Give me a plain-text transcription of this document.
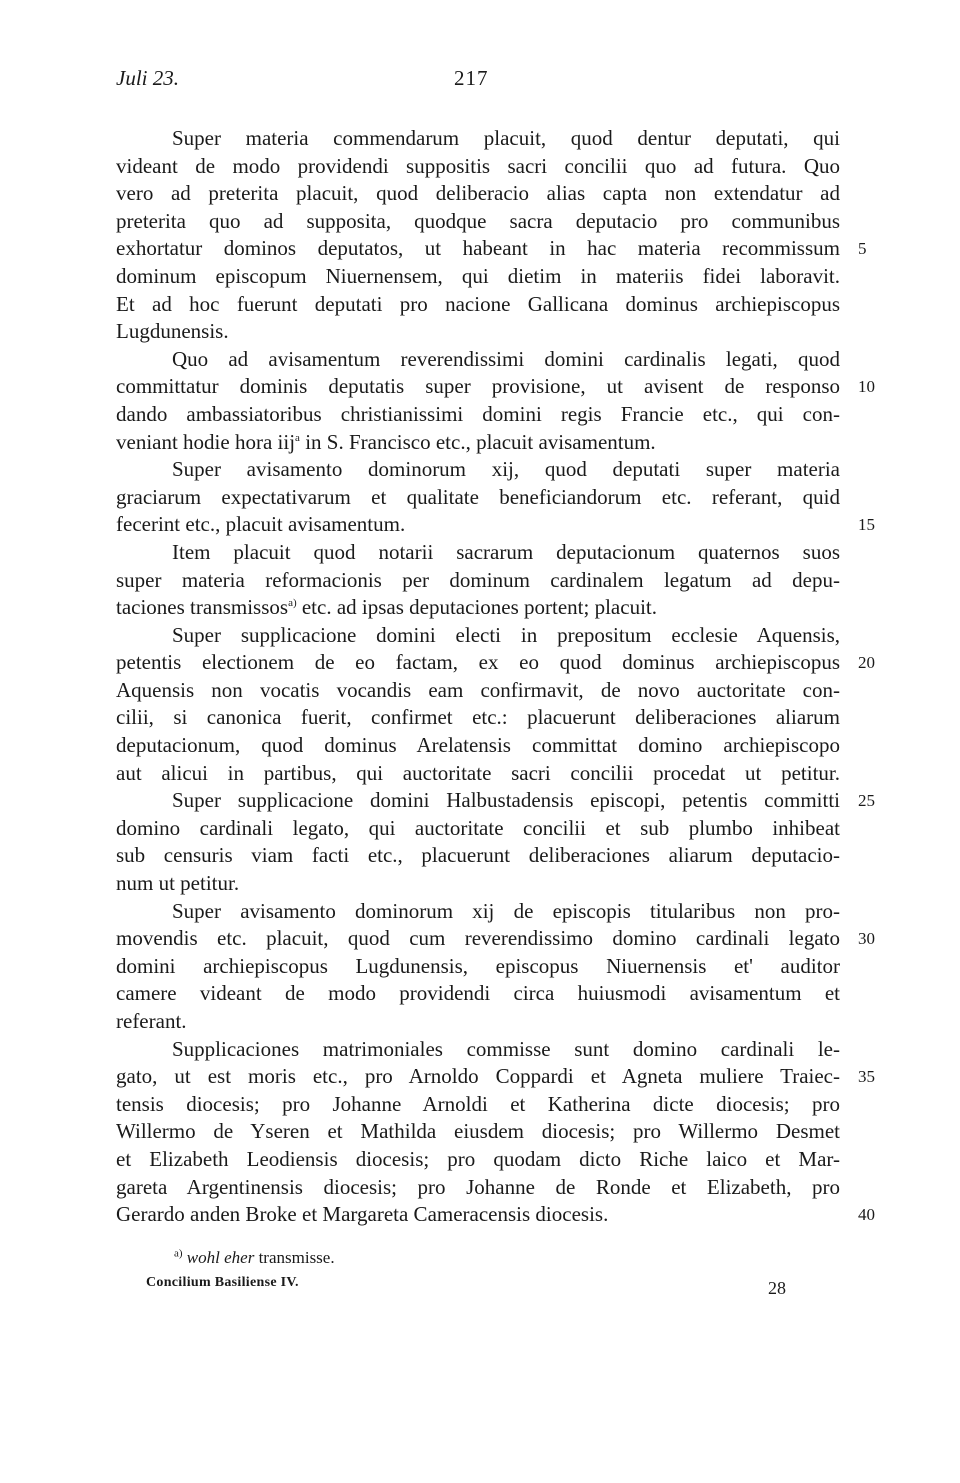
Juli 23.	217
Super materia commendarum placuit, quod dentur deputati, qui
videant de modo providendi suppositis sacri concilii quo ad futura. Quo
vero ad preterita placuit, quod deliberacio alias capta non extendatur ad
preterita quo ad supposita, quodque sacra deputacio pro communibus
exhortatur dominos deputatos, ut habeant in hac materia recommissum 5
dominum episcopum Niuernensem, qui dietim in materiis fidei laboravit.
Et ad hoc fuerunt deputati pro nacione Gallicana dominus archiepiscopus
Lugdunensis.
Quo ad avisamentum reverendissimi domini cardinalis legati, quod
committatur dominis deputatis super provisione, ut avisent de responso 10
dando ambassiatoribus christianissimi domini regis Francie etc., qui con-
veniant hodie hora iij$^a$ in S. Francisco etc., placuit avisamentum.
Super avisamento dominorum xij, quod deputati super materia
graciarum expectativarum et qualitate beneficiandorum etc. referant, quid
fecerint etc., placuit avisamentum.	15
Item placuit quod notarii sacrarum deputacionum quaternos suos
super materia reformacionis per dominum cardinalem legatum ad depu-
taciones transmissos$^{a)}$ etc. ad ipsas deputaciones portent; placuit.
Super supplicacione domini electi in prepositum ecclesie Aquensis,
petentis electionem de eo factam, ex eo quod dominus archiepiscopus 20
Aquensis non vocatis vocandis eam confirmavit, de novo auctoritate con-
cilii, si canonica fuerit, confirmet etc.: placuerunt deliberaciones aliarum
deputacionum, quod dominus Arelatensis committat domino archiepiscopo
aut alicui in partibus, qui auctoritate sacri concilii procedat ut petitur.
Super supplicacione domini Halbustadensis episcopi, petentis committi 25
domino cardinali legato, qui auctoritate concilii et sub plumbo inhibeat
sub censuris viam facti etc., placuerunt deliberaciones aliarum deputacio-
num ut petitur.
Super avisamento dominorum xij de episcopis titularibus non pro-
movendis etc. placuit, quod cum reverendissimo domino cardinali legato 30
domini archiepiscopus Lugdunensis, episcopus Niuernensis et' auditor
camere videant de modo providendi circa huiusmodi avisamentum et
referant.
Supplicaciones matrimoniales commisse sunt domino cardinali le-
gato, ut est moris etc., pro Arnoldo Coppardi et Agneta muliere Traiec- 35
tensis diocesis; pro Johanne Arnoldi et Katherina dicte diocesis; pro
Willermo de Yseren et Mathilda eiusdem diocesis; pro Willermo Desmet
et Elizabeth Leodiensis diocesis; pro quodam dicto Riche laico et Mar-
gareta Argentinensis diocesis; pro Johanne de Ronde et Elizabeth, pro
Gerardo anden Broke et Margareta Cameracensis diocesis.	40
$^{a)}$ wohl eher transmisse.
Concilium Basiliense IV.	28
